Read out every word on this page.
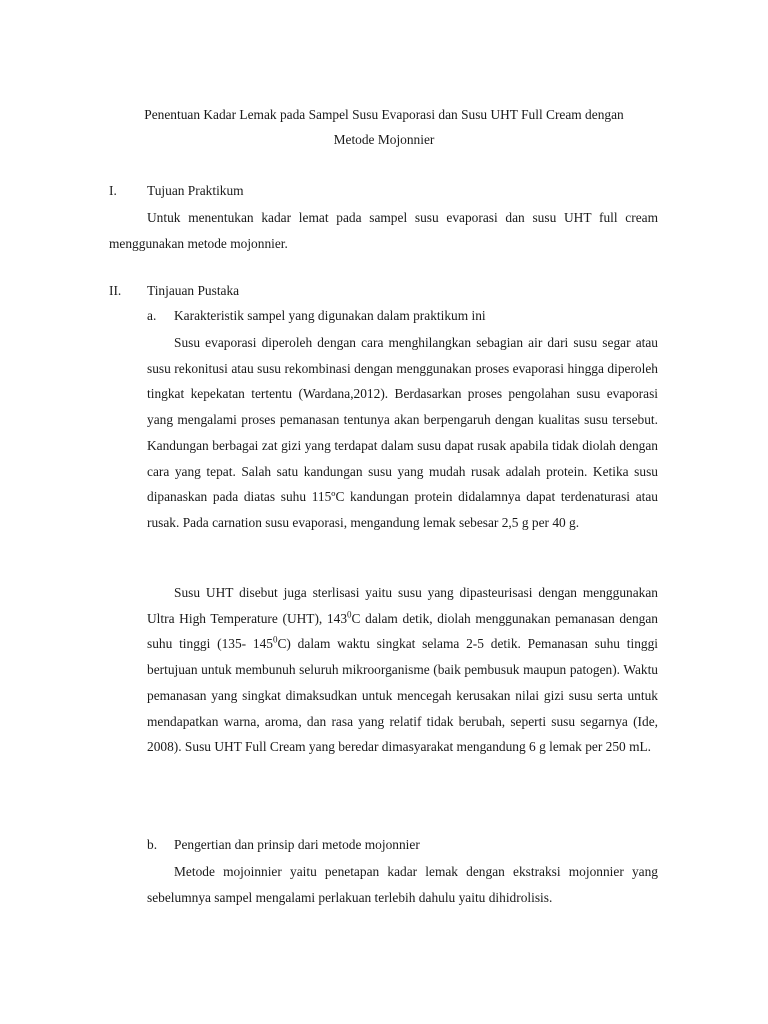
Penentuan Kadar Lemak pada Sampel Susu Evaporasi dan Susu UHT Full Cream dengan
Metode Mojonnier
I. Tujuan Praktikum

Untuk menentukan kadar lemat pada sampel susu evaporasi dan susu UHT full cream menggunakan metode mojonnier.

II. Tinjauan Pustaka
a. Karakteristik sampel yang digunakan dalam praktikum ini

Susu evaporasi diperoleh dengan cara menghilangkan sebagian air dari susu segar atau susu rekonitusi atau susu rekombinasi dengan menggunakan proses evaporasi hingga diperoleh tingkat kepekatan tertentu (Wardana,2012). Berdasarkan proses pengolahan susu evaporasi yang mengalami proses pemanasan tentunya akan berpengaruh dengan kualitas susu tersebut. Kandungan berbagai zat gizi yang terdapat dalam susu dapat rusak apabila tidak diolah dengan cara yang tepat. Salah satu kandungan susu yang mudah rusak adalah protein. Ketika susu dipanaskan pada diatas suhu 115ºC kandungan protein didalamnya dapat terdenaturasi atau rusak. Pada carnation susu evaporasi, mengandung lemak sebesar 2,5 g per 40 g.

Susu UHT disebut juga sterlisasi yaitu susu yang dipasteurisasi dengan menggunakan Ultra High Temperature (UHT), $143^0C$ dalam detik, diolah menggunakan pemanasan dengan suhu tinggi (135- $145^0C$) dalam waktu singkat selama 2-5 detik. Pemanasan suhu tinggi bertujuan untuk membunuh seluruh mikroorganisme (baik pembusuk maupun patogen). Waktu pemanasan yang singkat dimaksudkan untuk mencegah kerusakan nilai gizi susu serta untuk mendapatkan warna, aroma, dan rasa yang relatif tidak berubah, seperti susu segarnya (Ide, 2008). Susu UHT Full Cream yang beredar dimasyarakat mengandung 6 g lemak per 250 mL.

b. Pengertian dan prinsip dari metode mojonnier

Metode mojoinnier yaitu penetapan kadar lemak dengan ekstraksi mojonnier yang sebelumnya sampel mengalami perlakuan terlebih dahulu yaitu dihidrolisis.
